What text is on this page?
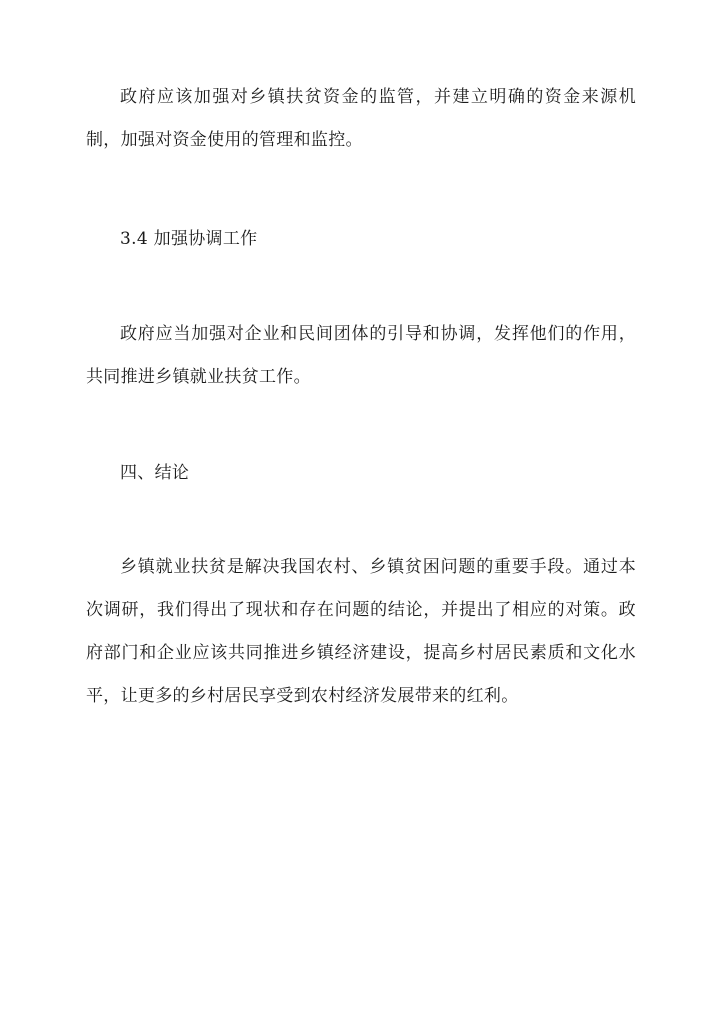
政府应该加强对乡镇扶贫资金的监管，并建立明确的资金来源机制，加强对资金使用的管理和监控。

3.4 加强协调工作

政府应当加强对企业和民间团体的引导和协调，发挥他们的作用，共同推进乡镇就业扶贫工作。

四、结论

乡镇就业扶贫是解决我国农村、乡镇贫困问题的重要手段。通过本次调研，我们得出了现状和存在问题的结论，并提出了相应的对策。政府部门和企业应该共同推进乡镇经济建设，提高乡村居民素质和文化水平，让更多的乡村居民享受到农村经济发展带来的红利。
